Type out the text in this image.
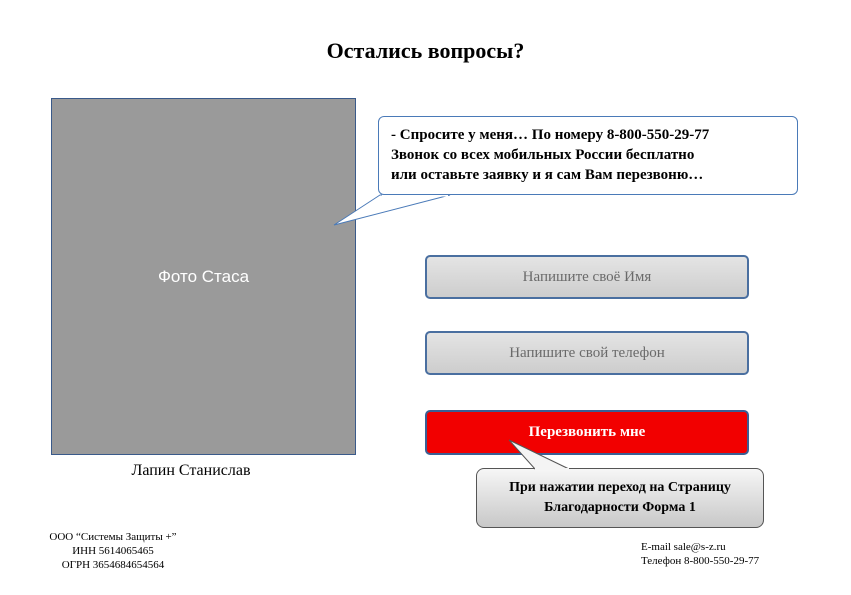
Остались вопросы?
Фото Стаса
Лапин Станислав
- Спросите у меня… По номеру 8-800-550-29-77
Звонок со всех мобильных России бесплатно
или оставьте заявку и я сам Вам перезвоню…
Напишите своё Имя
Напишите свой телефон
Перезвонить мне
При нажатии переход на Страницу
Благодарности Форма 1
ООО “Системы Защиты +”
ИНН 5614065465
ОГРН 3654684654564
E-mail sale@s-z.ru
Телефон 8-800-550-29-77
